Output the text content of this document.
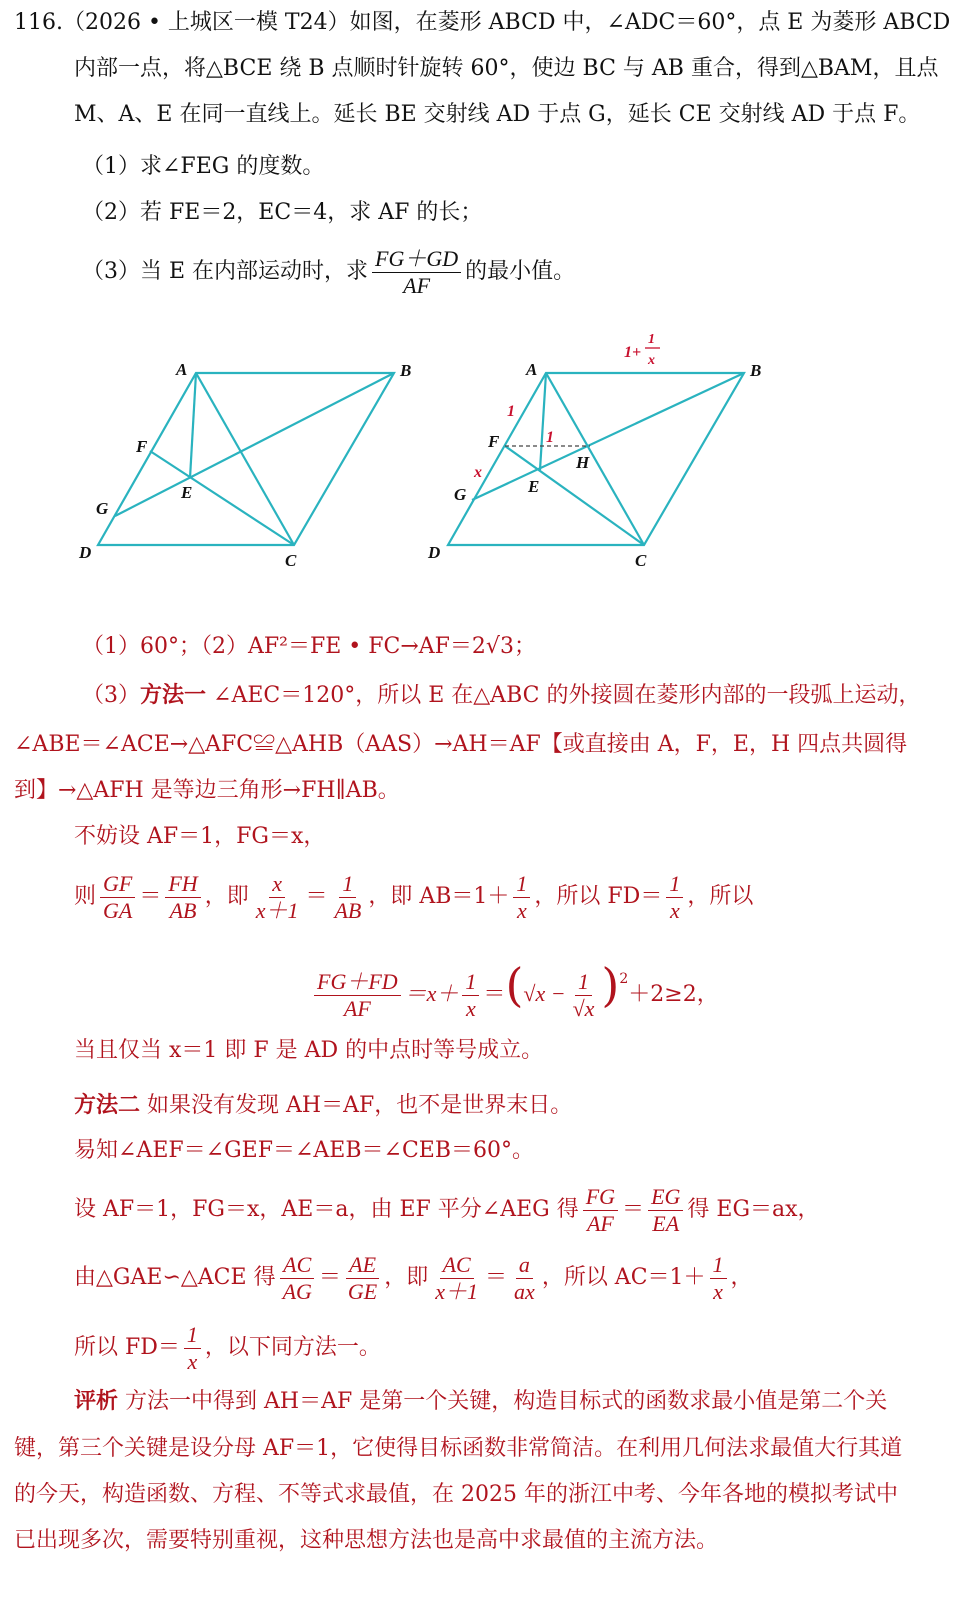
116.（2026 • 上城区一模 T24）如图，在菱形 ABCD 中，∠ADC＝60°，点 E 为菱形 ABCD
内部一点，将△BCE 绕 B 点顺时针旋转 60°，使边 BC 与 AB 重合，得到△BAM，且点
M、A、E 在同一直线上。延长 BE 交射线 AD 于点 G，延长 CE 交射线 AD 于点 F。
（1）求∠FEG 的度数。
（2）若 FE＝2，EC＝4，求 AF 的长；
（3）当 E 在内部运动时，求 $\frac{FG+GD}{AF}$ 的最小值。
A	B
C
D
E
F
G
A	B
C
D
E
F
G
H
1
1
x
1+
1
x
（1）60°；（2）AF²＝FE • FC→AF＝2√3；
（3）方法一 ∠AEC＝120°，所以 E 在△ABC 的外接圆在菱形内部的一段弧上运动，
∠ABE＝∠ACE→△AFC≌△AHB（AAS）→AH＝AF【或直接由 A，F，E，H 四点共圆得
到】→△AFH 是等边三角形→FH∥AB。
不妨设 AF＝1，FG＝x，
则 $\frac{GF}{GA} = \frac{FH}{AB}$ ，即 $\frac{x}{x+1} = \frac{1}{AB}$ ，即 $AB=1+ \frac{1}{x}$ ，所以 $FD= \frac{1}{x}$ ，所以
$\frac{FG+FD}{AF} =x+ \frac{1}{x} =(√x - \frac{1}{√x} )^2+2\ge 2$，
当且仅当 x＝1 即 F 是 AD 的中点时等号成立。
方法二 如果没有发现 AH＝AF，也不是世界末日。
易知∠AEF＝∠GEF＝∠AEB＝∠CEB＝60°。
设 AF＝1，FG＝x，AE＝a，由 EF 平分∠AEG 得 $\frac{FG}{AF} = \frac{EG}{EA}$ 得 EG＝ax，
由△GAE∽△ACE 得 $\frac{AC}{AG} = \frac{AE}{GE}$ ，即 $\frac{AC}{x+1} = \frac{a}{ax}$ ，所以 $AC=1+ \frac{1}{x}$ ，
所以 $FD= \frac{1}{x}$ ，以下同方法一。
评析 方法一中得到 AH＝AF 是第一个关键，构造目标式的函数求最小值是第二个关
键，第三个关键是设分母 AF＝1，它使得目标函数非常简洁。在利用几何法求最值大行其道
的今天，构造函数、方程、不等式求最值，在 2025 年的浙江中考、今年各地的模拟考试中
已出现多次，需要特别重视，这种思想方法也是高中求最值的主流方法。
